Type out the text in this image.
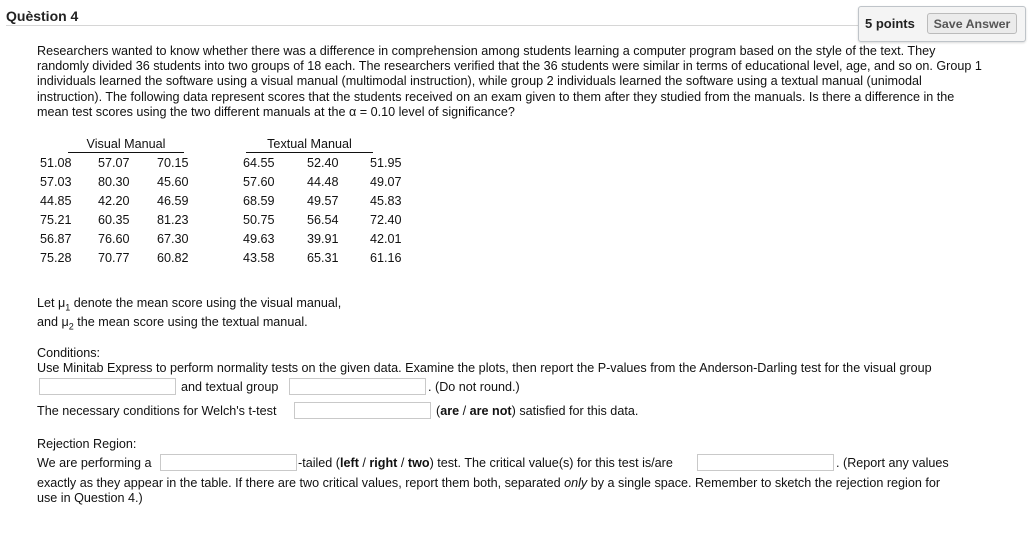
Quèstion 4	5 points	Save Answer
Researchers wanted to know whether there was a difference in comprehension among students learning a computer program based on the style of the text. They randomly divided 36 students into two groups of 18 each. The researchers verified that the 36 students were similar in terms of educational level, age, and so on. Group 1 individuals learned the software using a visual manual (multimodal instruction), while group 2 individuals learned the software using a textual manual (unimodal instruction). The following data represent scores that the students received on an exam given to them after they studied from the manuals. Is there a difference in the mean test scores using the two different manuals at the α = 0.10 level of significance?
Visual Manual	Textual Manual
51.08 57.07 70.15	64.55	52.40 51.95
57.03 80.30 45.60	57.60	44.48 49.07
44.85 42.20 46.59	68.59	49.57 45.83
75.21 60.35 81.23	50.75	56.54 72.40
56.87 76.60 67.30	49.63	39.91 42.01
75.28 70.77 60.82	43.58	65.31 61.16
Let $\mu_1$ denote the mean score using the visual manual,
and $\mu_2$ the mean score using the textual manual.
Conditions:
Use Minitab Express to perform normality tests on the given data. Examine the plots, then report the P-values from the Anderson-Darling test for the visual group
and textual group	. (Do not round.)
The necessary conditions for Welch's t-test	(are / are not) satisfied for this data.
Rejection Region:
We are performing a	-tailed (left / right / two) test. The critical value(s) for this test is/are	. (Report any values
exactly as they appear in the table. If there are two critical values, report them both, separated only by a single space. Remember to sketch the rejection region for
use in Question 4.)
